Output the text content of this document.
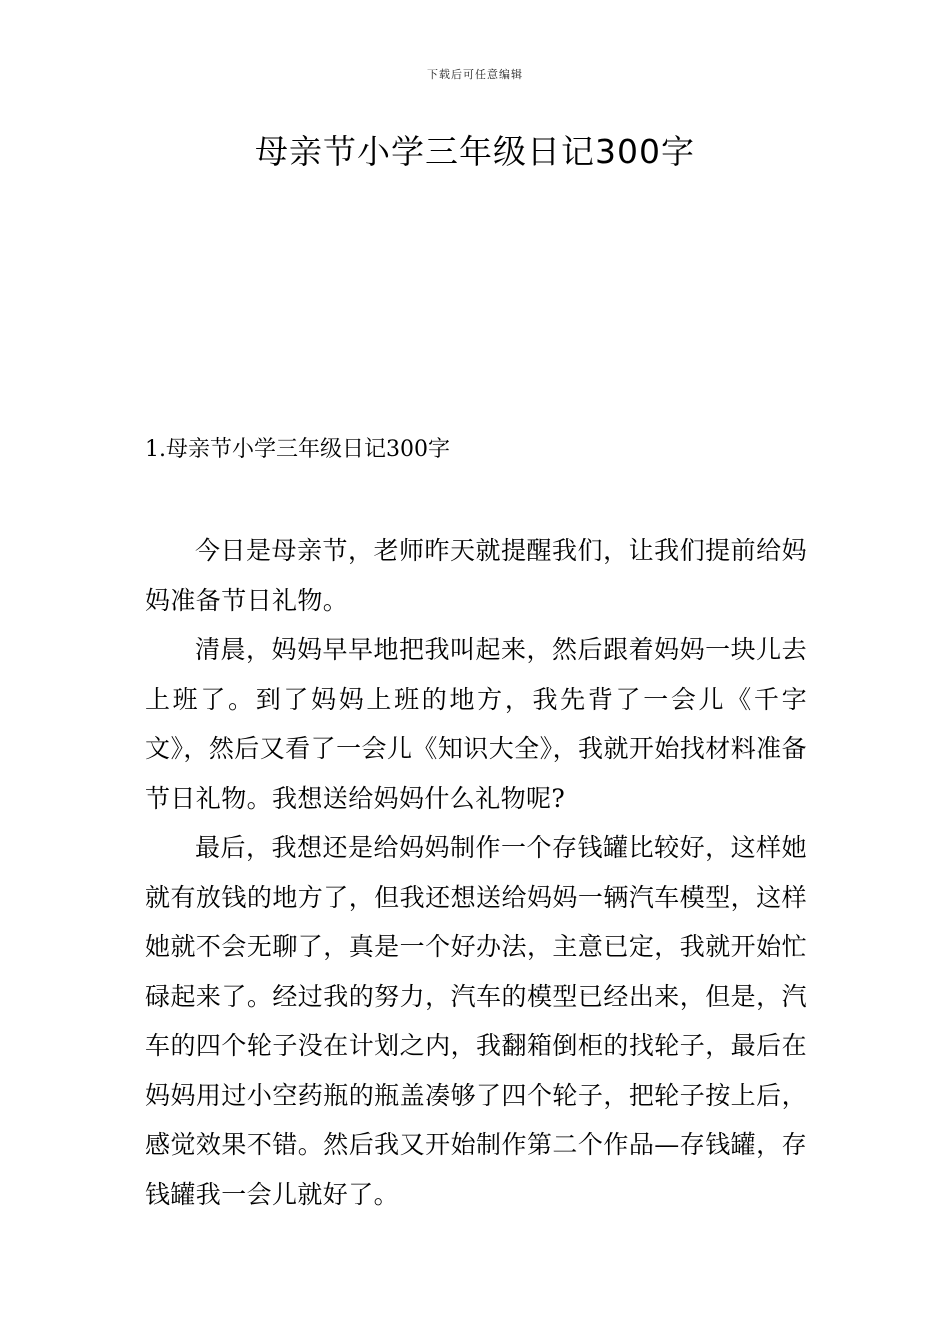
下载后可任意编辑
母亲节小学三年级日记300字
1.母亲节小学三年级日记300字

今日是母亲节，老师昨天就提醒我们，让我们提前给妈妈准备节日礼物。

清晨，妈妈早早地把我叫起来，然后跟着妈妈一块儿去上班了。到了妈妈上班的地方，我先背了一会儿《千字文》，然后又看了一会儿《知识大全》，我就开始找材料准备节日礼物。我想送给妈妈什么礼物呢?

最后，我想还是给妈妈制作一个存钱罐比较好，这样她就有放钱的地方了，但我还想送给妈妈一辆汽车模型，这样她就不会无聊了，真是一个好办法，主意已定，我就开始忙碌起来了。经过我的努力，汽车的模型已经出来，但是，汽车的四个轮子没在计划之内，我翻箱倒柜的找轮子，最后在妈妈用过小空药瓶的瓶盖凑够了四个轮子，把轮子按上后，感觉效果不错。然后我又开始制作第二个作品—存钱罐，存钱罐我一会儿就好了。
